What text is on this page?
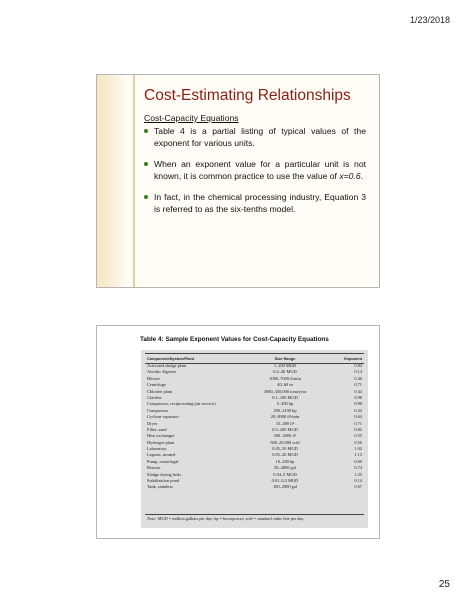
1/23/2018
Cost-Estimating Relationships
Cost-Capacity Equations
Table 4 is a partial listing of typical values of the exponent for various units.
When an exponent value for a particular unit is not known, it is common practice to use the value of x=0.6.
In fact, in the chemical processing industry, Equation 3 is referred to as the six-tenths model.
Table 4: Sample Exponent Values for Cost-Capacity Equations
Component/System/Plant	Size Range	Exponent
Activated sludge plant	1–100 MGD	0.84
Aerobic digester	0.2–40 MGD	0.14
Blower	1000–7000 ft/min	0.46
Centrifuge	40–60 in	0.71
Chlorine plant	3000–350,000 tons/year	0.44
Clarifier	0.1–100 MGD	0.98
Compressor, reciprocating (air service)	5–300 hp	0.90
Compressor	200–2100 hp	0.32
Cyclone separator	20–8000 ft³/min	0.64
Dryer	15–400 ft²	0.71
Filter, sand	0.5–200 MGD	0.82
Heat exchanger	500–3000 ft²	0.55
Hydrogen plant	500–20,000 scfd	0.56
Laboratory	0.05–50 MGD	1.02
Lagoon, aerated	0.05–20 MGD	1.13
Pump, centrifugal	10–200 hp	0.69
Reactor	50–4000 gal	0.74
Sludge drying beds	0.04–5 MGD	1.35
Stabilization pond	0.01–0.2 MGD	0.14
Tank, stainless	100–2000 gal	0.67
Note: MGD = million gallons per day; hp = horsepower; scfd = standard cubic feet per day.
25
